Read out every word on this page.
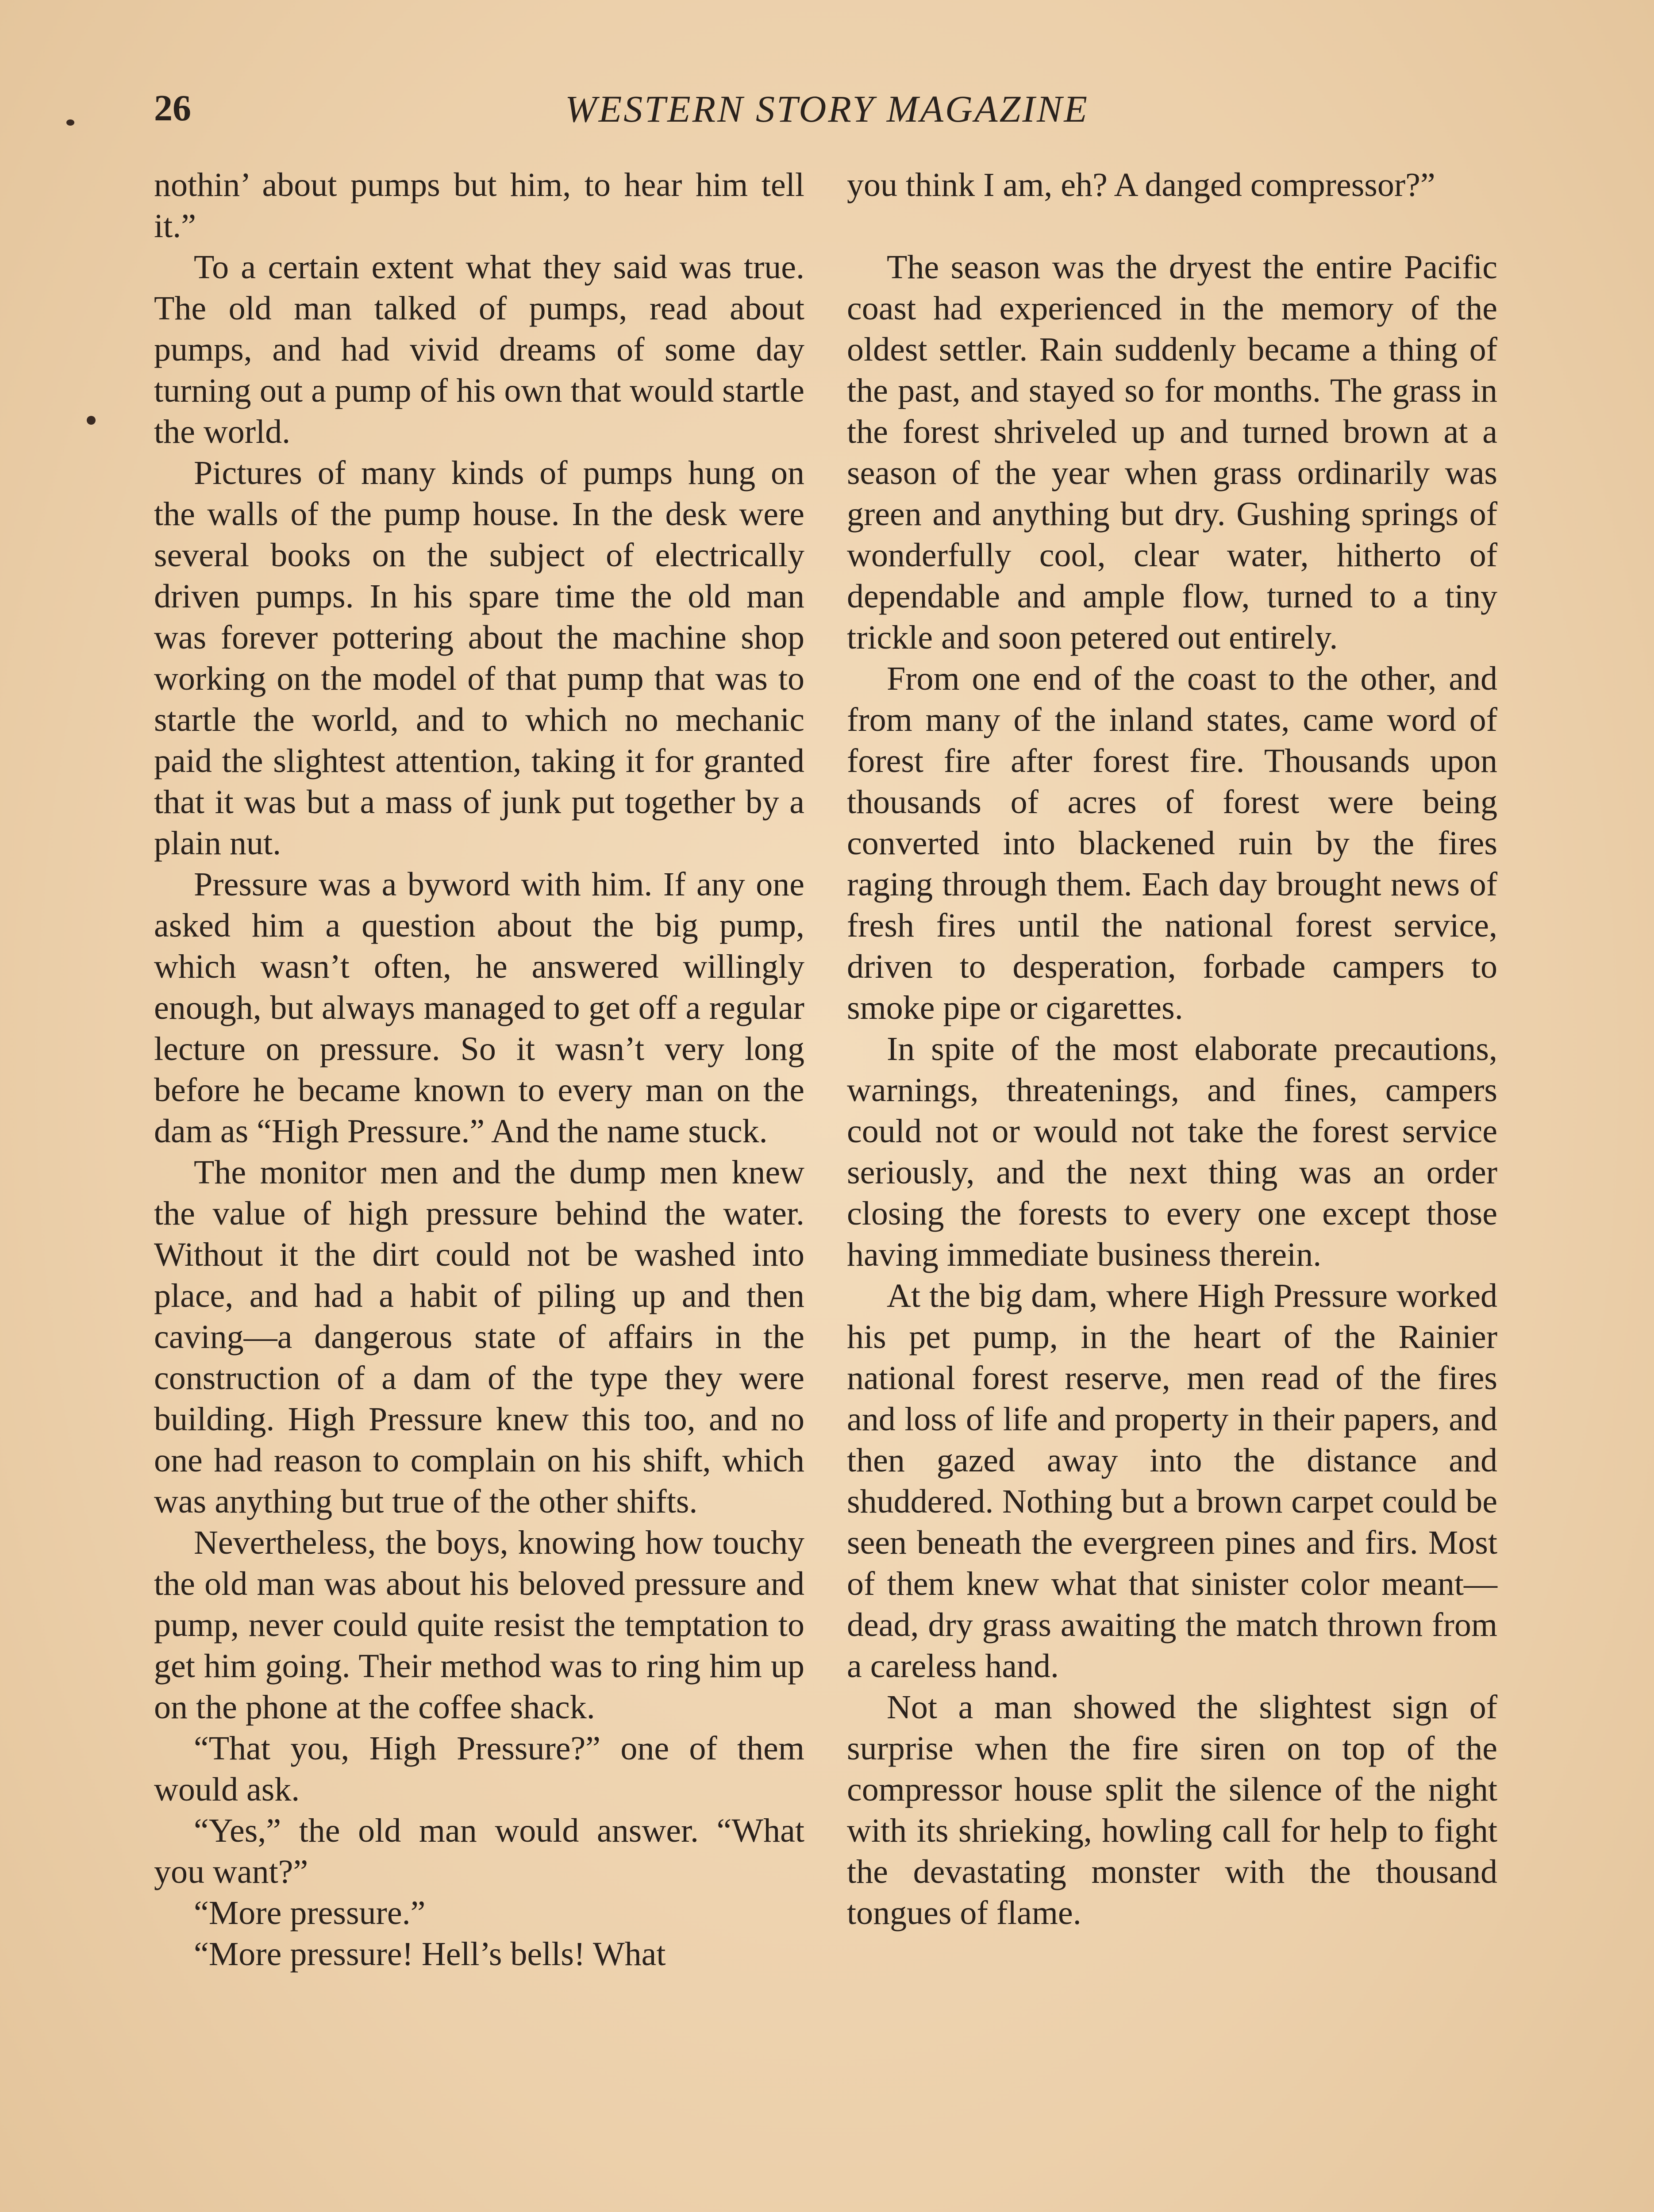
26	WESTERN STORY MAGAZINE

nothin’ about pumps but him, to hear him tell it.”

To a certain extent what they said was true. The old man talked of pumps, read about pumps, and had vivid dreams of some day turning out a pump of his own that would startle the world.

Pictures of many kinds of pumps hung on the walls of the pump house. In the desk were several books on the subject of electrically driven pumps. In his spare time the old man was forever pottering about the machine shop working on the model of that pump that was to startle the world, and to which no mechanic paid the slightest attention, taking it for granted that it was but a mass of junk put together by a plain nut.

Pressure was a byword with him. If any one asked him a question about the big pump, which wasn’t often, he answered willingly enough, but always managed to get off a regular lecture on pressure. So it wasn’t very long before he became known to every man on the dam as “High Pressure.” And the name stuck.

The monitor men and the dump men knew the value of high pressure behind the water. Without it the dirt could not be washed into place, and had a habit of piling up and then caving—a dangerous state of affairs in the construction of a dam of the type they were building. High Pressure knew this too, and no one had reason to complain on his shift, which was anything but true of the other shifts.

Nevertheless, the boys, knowing how touchy the old man was about his beloved pressure and pump, never could quite resist the temptation to get him going. Their method was to ring him up on the phone at the coffee shack.

“That you, High Pressure?” one of them would ask.

“Yes,” the old man would answer. “What you want?”

“More pressure.”

“More pressure! Hell’s bells! What

you think I am, eh? A danged compressor?”

The season was the dryest the entire Pacific coast had experienced in the memory of the oldest settler. Rain suddenly became a thing of the past, and stayed so for months. The grass in the forest shriveled up and turned brown at a season of the year when grass ordinarily was green and anything but dry. Gushing springs of wonderfully cool, clear water, hitherto of dependable and ample flow, turned to a tiny trickle and soon petered out entirely.

From one end of the coast to the other, and from many of the inland states, came word of forest fire after forest fire. Thousands upon thousands of acres of forest were being converted into blackened ruin by the fires raging through them. Each day brought news of fresh fires until the national forest service, driven to desperation, forbade campers to smoke pipe or cigarettes.

In spite of the most elaborate precautions, warnings, threatenings, and fines, campers could not or would not take the forest service seriously, and the next thing was an order closing the forests to every one except those having immediate business therein.

At the big dam, where High Pressure worked his pet pump, in the heart of the Rainier national forest reserve, men read of the fires and loss of life and property in their papers, and then gazed away into the distance and shuddered. Nothing but a brown carpet could be seen beneath the evergreen pines and firs. Most of them knew what that sinister color meant—dead, dry grass awaiting the match thrown from a careless hand.

Not a man showed the slightest sign of surprise when the fire siren on top of the compressor house split the silence of the night with its shrieking, howling call for help to fight the devastating monster with the thousand tongues of flame.
